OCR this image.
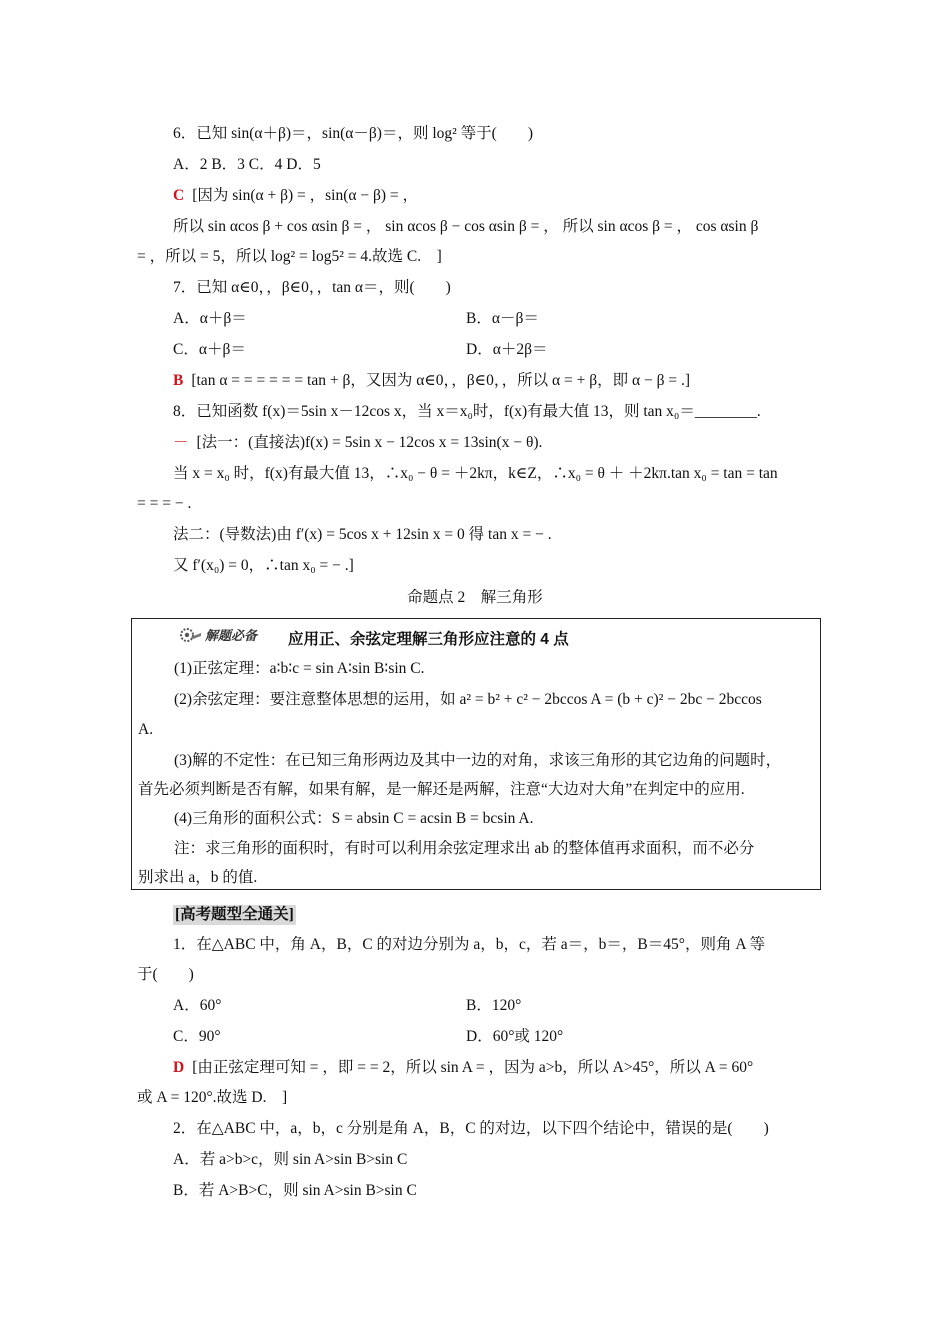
6．已知 sin(α＋β)＝，sin(α－β)＝，则 log² 等于(　　)
A．2 B．3 C．4 D．5
C [因为 sin(α + β) = ，sin(α − β) = ，
所以 sin αcos β + cos αsin β = ， sin αcos β − cos αsin β = ， 所以 sin αcos β = ， cos αsin β
= ，所以 = 5，所以 log² = log5² = 4.故选 C.　]
7．已知 α∈0，，β∈0，，tan α＝，则(　　)
A．α＋β＝	B．α－β＝
C．α＋β＝	D．α＋2β＝
B [tan α = = = = = = tan + β，又因为 α∈0，，β∈0，，所以 α = + β，即 α − β = .]
8．已知函数 f(x)＝5sin x－12cos x，当 x＝x₀时，f(x)有最大值 13，则 tan x₀＝________.
－ [法一：(直接法)f(x) = 5sin x − 12cos x = 13sin(x − θ).
当 x = x₀ 时，f(x)有最大值 13，∴x₀ − θ = ＋2kπ，k∈Z，∴x₀ = θ ＋ ＋2kπ.tan x₀ = tan = tan
= = = − .
法二：(导数法)由 f′(x) = 5cos x + 12sin x = 0 得 tan x = − .
又 f′(x₀) = 0，∴tan x₀ = − .]
命题点 2　解三角形
解题必备 应用正、余弦定理解三角形应注意的 4 点
(1)正弦定理：a∶b∶c = sin A∶sin B∶sin C.
(2)余弦定理：要注意整体思想的运用，如 a² = b² + c² − 2bccos A = (b + c)² − 2bc − 2bccos
A.
(3)解的不定性：在已知三角形两边及其中一边的对角，求该三角形的其它边角的问题时，
首先必须判断是否有解，如果有解，是一解还是两解，注意“大边对大角”在判定中的应用.
(4)三角形的面积公式：S = absin C = acsin B = bcsin A.
注：求三角形的面积时，有时可以利用余弦定理求出 ab 的整体值再求面积，而不必分
别求出 a，b 的值.
[高考题型全通关]
1．在△ABC 中，角 A，B，C 的对边分别为 a，b，c，若 a＝，b＝，B＝45°，则角 A 等
于(　　)
A．60°	B．120°
C．90°	D．60°或 120°
D [由正弦定理可知 = ，即 = = 2，所以 sin A = ，因为 a>b，所以 A>45°，所以 A = 60°
或 A = 120°.故选 D.　]
2．在△ABC 中，a，b，c 分别是角 A，B，C 的对边，以下四个结论中，错误的是(　　)
A．若 a>b>c，则 sin A>sin B>sin C
B．若 A>B>C，则 sin A>sin B>sin C
